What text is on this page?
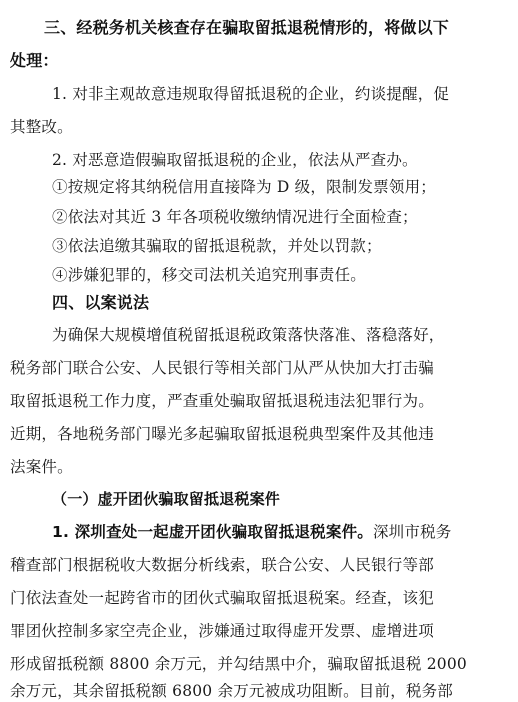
三、经税务机关核查存在骗取留抵退税情形的，将做以下
处理：
1. 对非主观故意违规取得留抵退税的企业，约谈提醒，促
其整改。
2. 对恶意造假骗取留抵退税的企业，依法从严查办。
①按规定将其纳税信用直接降为 D 级，限制发票领用；
②依法对其近 3 年各项税收缴纳情况进行全面检查；
③依法追缴其骗取的留抵退税款，并处以罚款；
④涉嫌犯罪的，移交司法机关追究刑事责任。
四、以案说法
为确保大规模增值税留抵退税政策落快落准、落稳落好，
税务部门联合公安、人民银行等相关部门从严从快加大打击骗
取留抵退税工作力度，严查重处骗取留抵退税违法犯罪行为。
近期，各地税务部门曝光多起骗取留抵退税典型案件及其他违
法案件。
（一）虚开团伙骗取留抵退税案件
1. 深圳查处一起虚开团伙骗取留抵退税案件。深圳市税务
稽查部门根据税收大数据分析线索，联合公安、人民银行等部
门依法查处一起跨省市的团伙式骗取留抵退税案。经查，该犯
罪团伙控制多家空壳企业，涉嫌通过取得虚开发票、虚增进项
形成留抵税额 8800 余万元，并勾结黑中介，骗取留抵退税 2000
余万元，其余留抵税额 6800 余万元被成功阻断。目前，税务部
